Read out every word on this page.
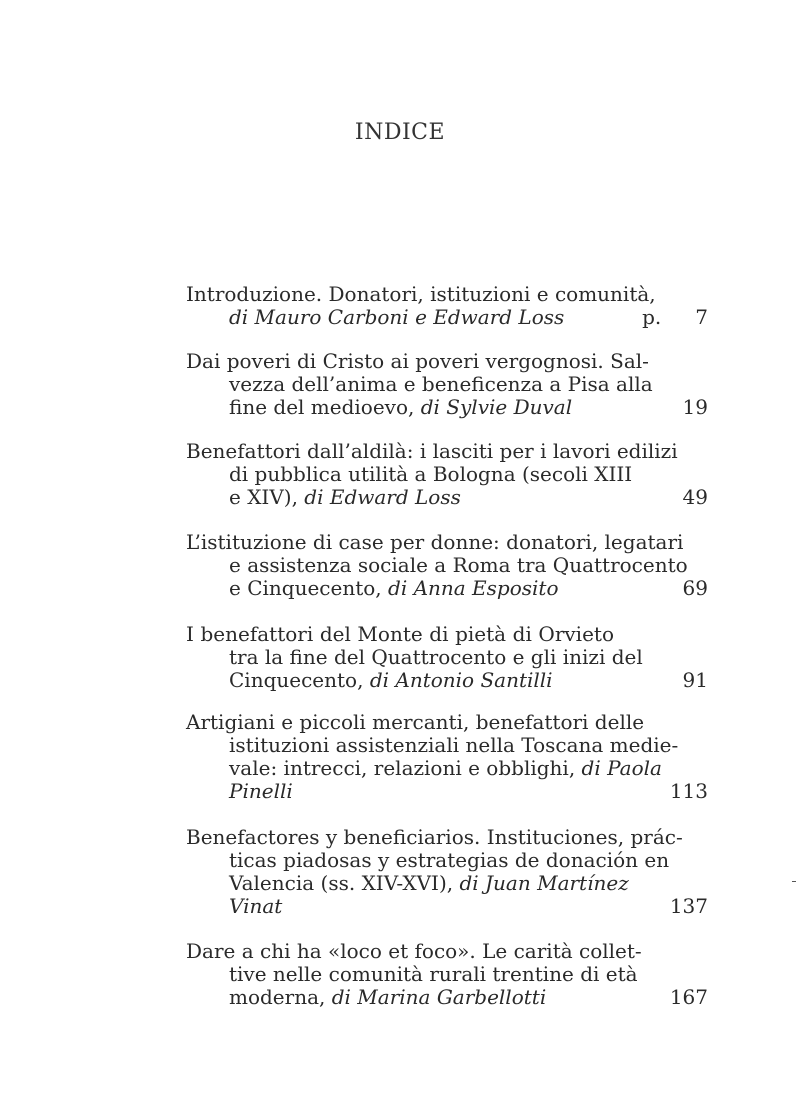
INDICE
Introduzione. Donatori, istituzioni e comunità,
di Mauro Carboni e Edward Loss	p. 7
Dai poveri di Cristo ai poveri vergognosi. Sal-
vezza dell’anima e beneficenza a Pisa alla
fine del medioevo, di Sylvie Duval	19
Benefattori dall’aldilà: i lasciti per i lavori edilizi
di pubblica utilità a Bologna (secoli XIII
e XIV), di Edward Loss	49
L’istituzione di case per donne: donatori, legatari
e assistenza sociale a Roma tra Quattrocento
e Cinquecento, di Anna Esposito	69
I benefattori del Monte di pietà di Orvieto
tra la fine del Quattrocento e gli inizi del
Cinquecento, di Antonio Santilli	91
Artigiani e piccoli mercanti, benefattori delle
istituzioni assistenziali nella Toscana medie-
vale: intrecci, relazioni e obblighi, di Paola
Pinelli	113
Benefactores y beneficiarios. Instituciones, prác-
ticas piadosas y estrategias de donación en
Valencia (ss. XIV-XVI), di Juan Martínez
Vinat	137
Dare a chi ha «loco et foco». Le carità collet-
tive nelle comunità rurali trentine di età
moderna, di Marina Garbellotti	167
